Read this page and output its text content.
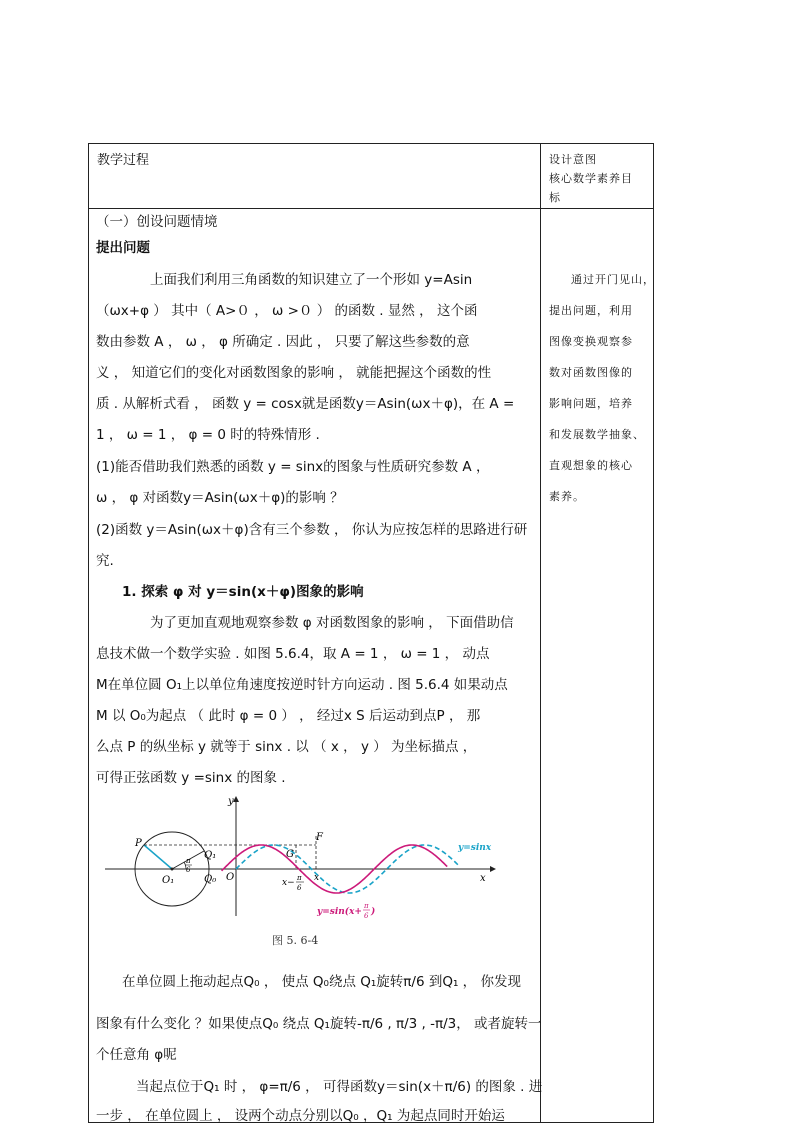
教学过程	设计意图
核心数学素养目
标
通过开门见山，
提出问题，利用
图像变换观察参
数对函数图像的
影响问题，培养
和发展数学抽象、
直观想象的核心
素养。
（一）创设问题情境
提出问题
上面我们利用三角函数的知识建立了一个形如 y=Asin
（ωx+φ ） 其中（ A>０ ， ω >０ ） 的函数 . 显然 ， 这个函
数由参数 A ， ω ， φ 所确定 . 因此 ， 只要了解这些参数的意
义 ， 知道它们的变化对函数图象的影响 ， 就能把握这个函数的性
质 . 从解析式看 ， 函数 y = cosx就是函数y＝Asin(ωx＋φ)，在 A =
1 ， ω = 1 ， φ = 0 时的特殊情形 .
(1)能否借助我们熟悉的函数 y = sinx的图象与性质研究参数 A ，
ω ， φ 对函数y＝Asin(ωx＋φ)的影响 ？
(2)函数 y＝Asin(ωx＋φ)含有三个参数 ， 你认为应按怎样的思路进行研
究.
1. 探索 φ 对 y＝sin(x＋φ)图象的影响
为了更加直观地观察参数 φ 对函数图象的影响 ， 下面借助信
息技术做一个数学实验 . 如图 5.6.4，取 A = 1 ， ω = 1 ， 动点
M在单位圆 O₁上以单位角速度按逆时针方向运动 . 图 5.6.4 如果动点
M 以 O₀为起点 （ 此时 φ = 0 ） ， 经过x S 后运动到点P ， 那
么点 P 的纵坐标 y 就等于 sinx . 以 （ x ， y ） 为坐标描点 ，
可得正弦函数 y =sinx 的图象 .
y
x
P
Q₁
Q₀
O₁	O
F
G
x− π
6
x
π
6
y=sinx
y=sin(x+
π
6 )
图 5. 6-4
在单位圆上拖动起点Q₀ ， 使点 Q₀绕点 Q₁旋转π/6 到Q₁ ， 你发现
图象有什么变化 ？如果使点Q₀ 绕点 Q₁旋转-π/6 , π/3 , -π/3， 或者旋转一
个任意角 φ呢
当起点位于Q₁ 时 ， φ=π/6 ， 可得函数y＝sin(x＋π/6) 的图象 . 进
一步 ， 在单位圆上 ， 设两个动点分别以Q₀ ，Q₁ 为起点同时开始运
